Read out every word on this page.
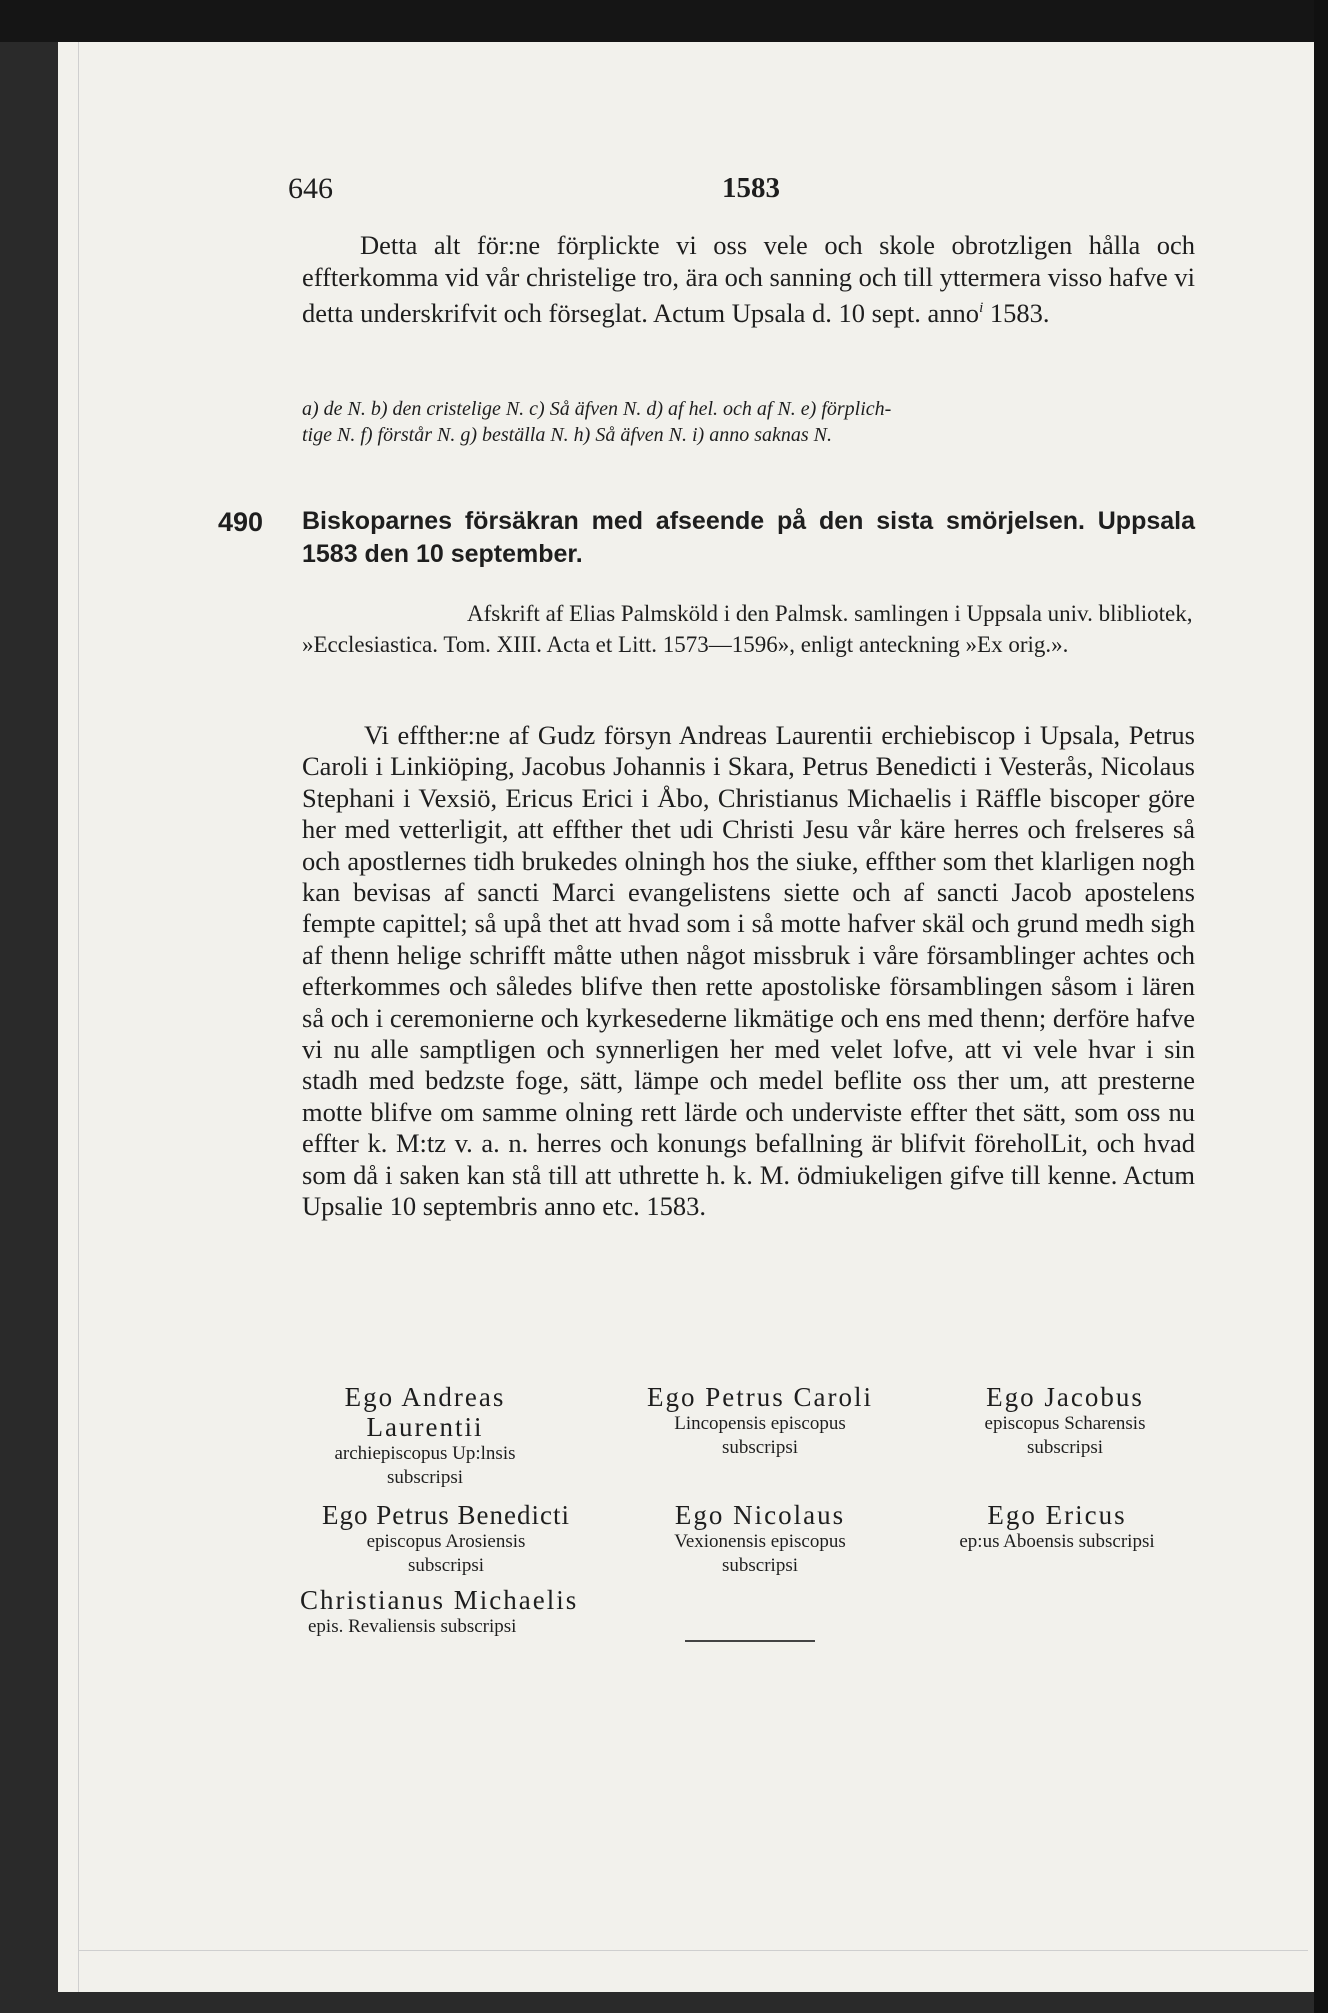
646	1583
Detta alt för:ne förplickte vi oss vele och skole obrotzligen hålla och effterkomma vid vår christelige tro, ära och sanning och till yttermera visso hafve vi detta underskrifvit och förseglat. Actum Upsala d. 10 sept. anno$^i$ 1583.

a) de N. b) den cristelige N. c) Så äfven N. d) af hel. och af N. e) förplich-

tige N. f) förstår N. g) beställa N. h) Så äfven N. i) anno saknas N.

490 Biskoparnes försäkran med afseende på den sista smörjelsen. Uppsala 1583 den 10 september.
Afskrift af Elias Palmsköld i den Palmsk. samlingen i Uppsala univ. blibliotek, »Ecclesiastica. Tom. XIII. Acta et Litt. 1573—1596», enligt anteckning »Ex orig.».
Vi effther:ne af Gudz försyn Andreas Laurentii erchiebiscop i Upsala, Petrus Caroli i Linkiöping, Jacobus Johannis i Skara, Petrus Benedicti i Vesterås, Nicolaus Stephani i Vexsiö, Ericus Erici i Åbo, Christianus Michaelis i Räffle biscoper göre her med vetterligit, att effther thet udi Christi Jesu vår käre herres och frelseres så och apostlernes tidh brukedes olningh hos the siuke, effther som thet klarligen nogh kan bevisas af sancti Marci evangelistens siette och af sancti Jacob apostelens fempte capittel; så upå thet att hvad som i så motte hafver skäl och grund medh sigh af thenn helige schrifft måtte uthen något missbruk i våre församblinger achtes och efterkommes och således blifve then rette apostoliske församblingen såsom i lären så och i ceremonierne och kyrkesederne likmätige och ens med thenn; derföre hafve vi nu alle samptligen och synnerligen her med velet lofve, att vi vele hvar i sin stadh med bedzste foge, sätt, lämpe och medel beflite oss ther um, att presterne motte blifve om samme olning rett lärde och underviste effter thet sätt, som oss nu effter k. M:tz v. a. n. herres och konungs befallning är blifvit föreholLit, och hvad som då i saken kan stå till att uthrette h. k. M. ödmiukeligen gifve till kenne. Actum Upsalie 10 septembris anno etc. 1583.
Ego Andreas
Laurentii
archiepiscopus Up:lnsis
subscripsi
Ego Petrus Caroli
Lincopensis episcopus
subscripsi
Ego Jacobus
episcopus Scharensis
subscripsi
Ego Petrus Benedicti
episcopus Arosiensis
subscripsi
Ego Nicolaus
Vexionensis episcopus
subscripsi
Ego Ericus
ep:us Aboensis subscripsi
Christianus Michaelis
epis. Revaliensis subscripsi
